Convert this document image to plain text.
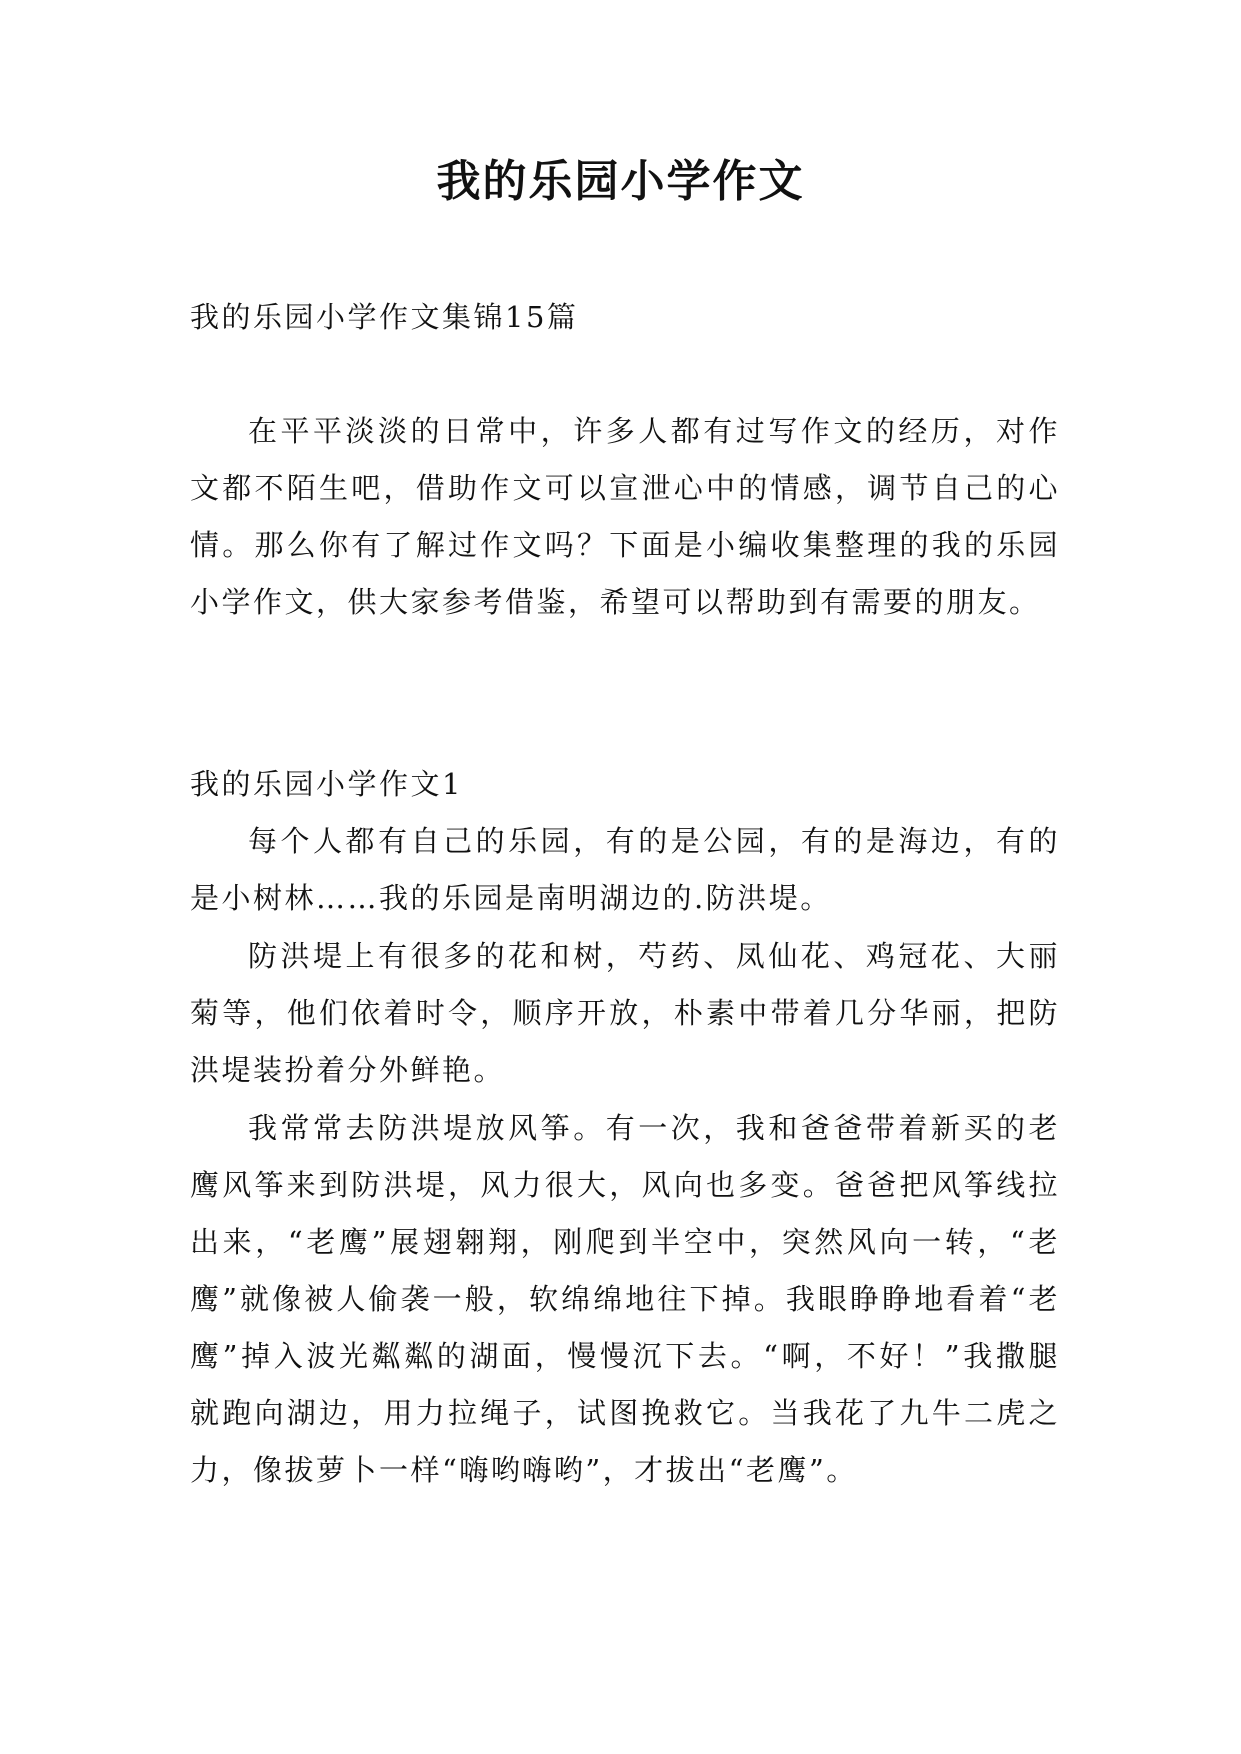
我的乐园小学作文

我的乐园小学作文集锦15篇

在平平淡淡的日常中，许多人都有过写作文的经历，对作文都不陌生吧，借助作文可以宣泄心中的情感，调节自己的心情。那么你有了解过作文吗？下面是小编收集整理的我的乐园小学作文，供大家参考借鉴，希望可以帮助到有需要的朋友。

我的乐园小学作文1

每个人都有自己的乐园，有的是公园，有的是海边，有的是小树林……我的乐园是南明湖边的.防洪堤。

防洪堤上有很多的花和树，芍药、凤仙花、鸡冠花、大丽菊等，他们依着时令，顺序开放，朴素中带着几分华丽，把防洪堤装扮着分外鲜艳。

我常常去防洪堤放风筝。有一次，我和爸爸带着新买的老鹰风筝来到防洪堤，风力很大，风向也多变。爸爸把风筝线拉出来，“老鹰”展翅翱翔，刚爬到半空中，突然风向一转，“老鹰”就像被人偷袭一般，软绵绵地往下掉。我眼睁睁地看着“老鹰”掉入波光粼粼的湖面，慢慢沉下去。“啊，不好！”我撒腿就跑向湖边，用力拉绳子，试图挽救它。当我花了九牛二虎之力，像拔萝卜一样“嗨哟嗨哟”，才拔出“老鹰”。
